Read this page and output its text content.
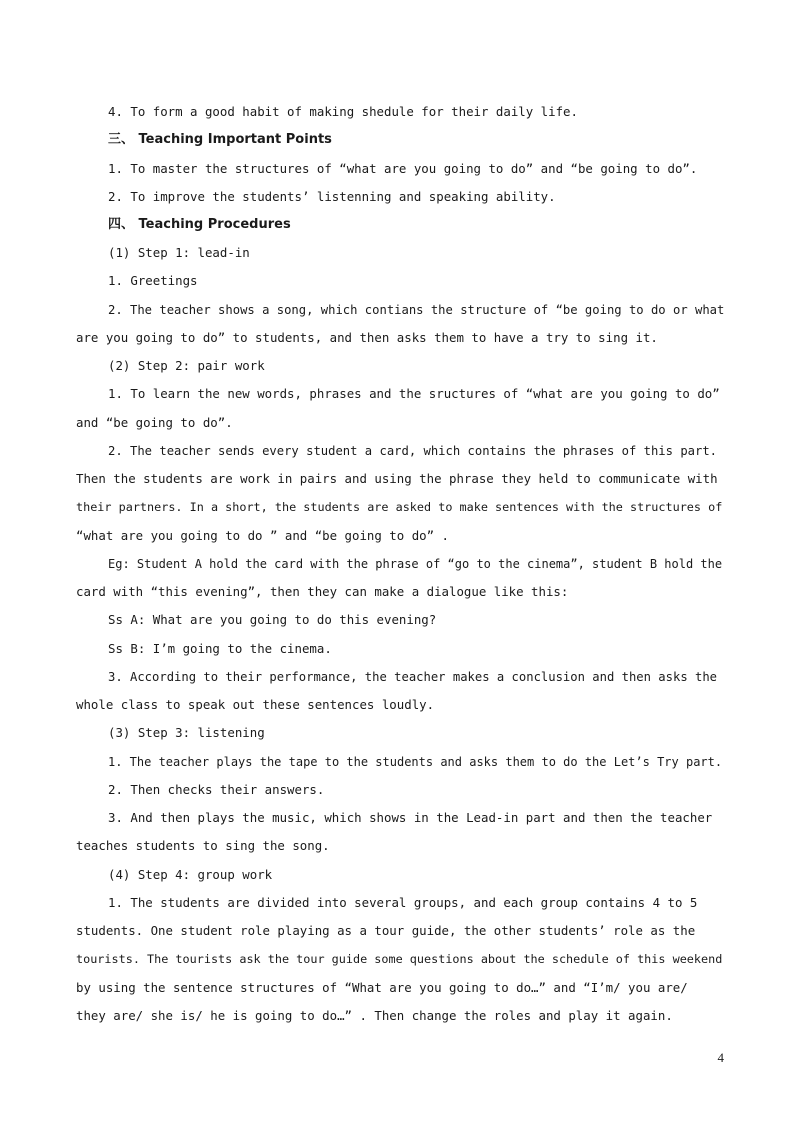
4. To form a good habit of making shedule for their daily life.
三、 Teaching Important Points
1. To master the structures of “what are you going to do” and “be going to do”.
2. To improve the students’ listenning and speaking ability.
四、 Teaching Procedures
(1) Step 1: lead-in
1. Greetings
2. The teacher shows a song, which contians the structure of “be going to do or what
are you going to do” to students, and then asks them to have a try to sing it.
(2) Step 2: pair work
1. To learn the new words, phrases and the sructures of “what are you going to do”
and “be going to do”.
2. The teacher sends every student a card, which contains the phrases of this part.
Then the students are work in pairs and using the phrase they held to communicate with
their partners. In a short, the students are asked to make sentences with the structures of
“what are you going to do ” and “be going to do” .
Eg: Student A hold the card with the phrase of “go to the cinema”, student B hold the
card with “this evening”, then they can make a dialogue like this:
Ss A: What are you going to do this evening?
Ss B: I’m going to the cinema.
3. According to their performance, the teacher makes a conclusion and then asks the
whole class to speak out these sentences loudly.
(3) Step 3: listening
1. The teacher plays the tape to the students and asks them to do the Let’s Try part.
2. Then checks their answers.
3. And then plays the music, which shows in the Lead-in part and then the teacher
teaches students to sing the song.
(4) Step 4: group work
1. The students are divided into several groups, and each group contains 4 to 5
students. One student role playing as a tour guide, the other students’ role as the
tourists. The tourists ask the tour guide some questions about the schedule of this weekend
by using the sentence structures of “What are you going to do…” and “I’m/ you are/
they are/ she is/ he is going to do…” . Then change the roles and play it again.
4
